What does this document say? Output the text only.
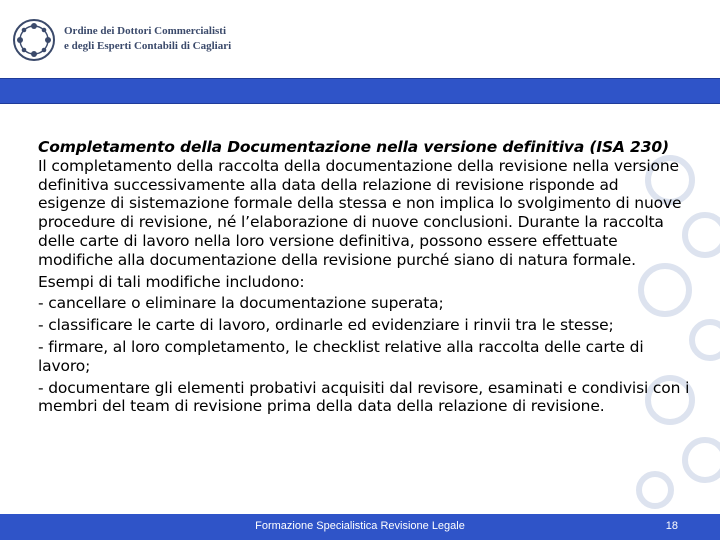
Ordine dei Dottori Commercialisti
e degli Esperti Contabili di Cagliari

Completamento della Documentazione nella versione definitiva (ISA 230)

Il completamento della raccolta della documentazione della revisione nella versione definitiva successivamente alla data della relazione di revisione risponde ad esigenze di sistemazione formale della stessa e non implica lo svolgimento di nuove procedure di revisione, né l’elaborazione di nuove conclusioni. Durante la raccolta delle carte di lavoro nella loro versione definitiva, possono essere effettuate modifiche alla documentazione della revisione purché siano di natura formale.

Esempi di tali modifiche includono:

- cancellare o eliminare la documentazione superata;

- classificare le carte di lavoro, ordinarle ed evidenziare i rinvii tra le stesse;

- firmare, al loro completamento, le checklist relative alla raccolta delle carte di lavoro;

- documentare gli elementi probativi acquisiti dal revisore, esaminati e condivisi con i membri del team di revisione prima della data della relazione di revisione.

Formazione Specialistica Revisione Legale	18
